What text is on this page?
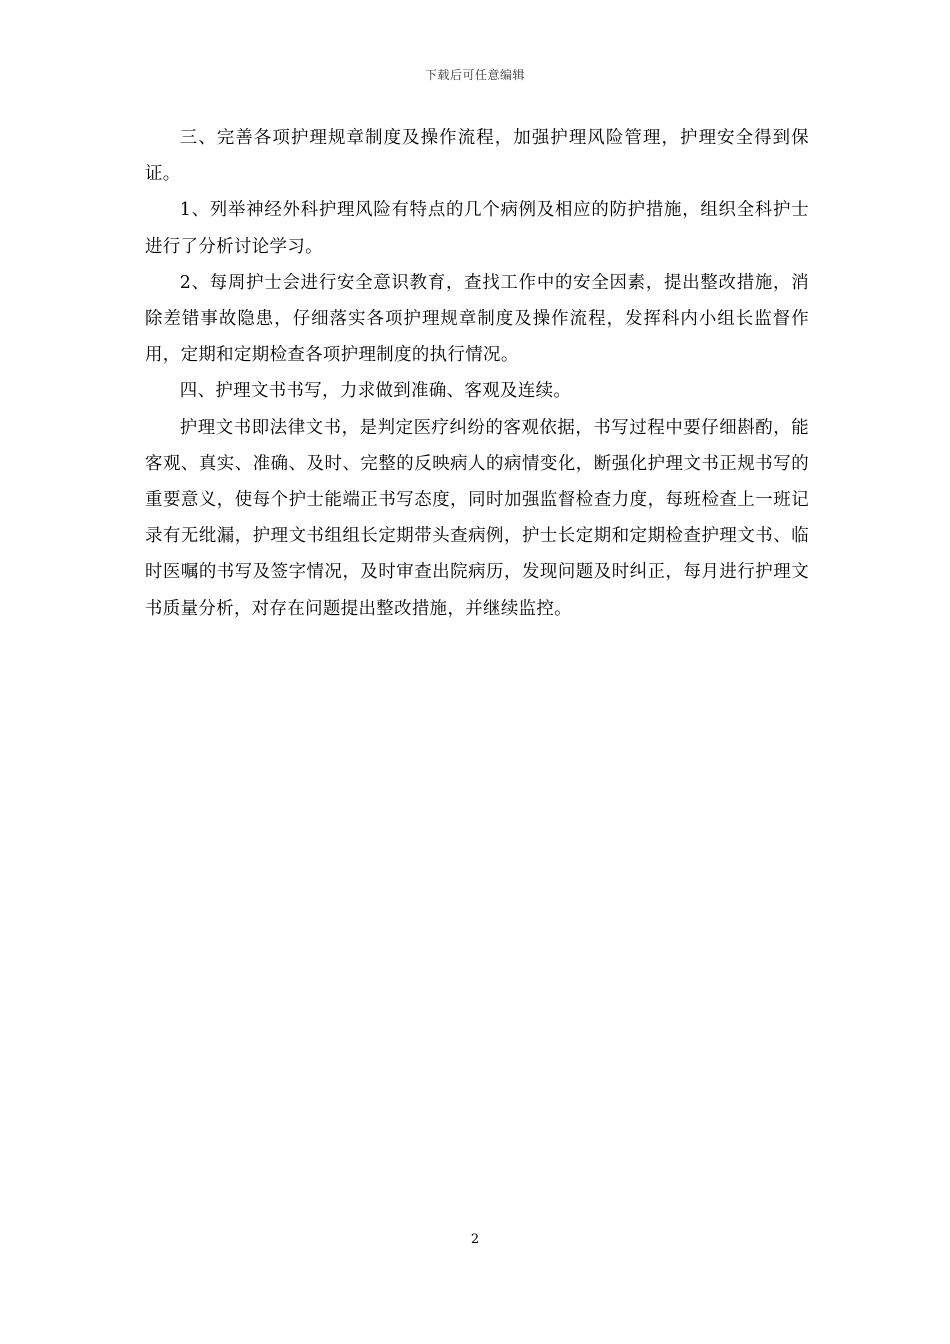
下载后可任意编辑

三、完善各项护理规章制度及操作流程，加强护理风险管理，护理安全得到保证。

1、列举神经外科护理风险有特点的几个病例及相应的防护措施，组织全科护士进行了分析讨论学习。

2、每周护士会进行安全意识教育，查找工作中的安全因素，提出整改措施，消除差错事故隐患，仔细落实各项护理规章制度及操作流程，发挥科内小组长监督作用，定期和定期检查各项护理制度的执行情况。

四、护理文书书写，力求做到准确、客观及连续。

护理文书即法律文书，是判定医疗纠纷的客观依据，书写过程中要仔细斟酌，能客观、真实、准确、及时、完整的反映病人的病情变化，断强化护理文书正规书写的重要意义，使每个护士能端正书写态度，同时加强监督检查力度，每班检查上一班记录有无纰漏，护理文书组组长定期带头查病例，护士长定期和定期检查护理文书、临时医嘱的书写及签字情况，及时审查出院病历，发现问题及时纠正，每月进行护理文书质量分析，对存在问题提出整改措施，并继续监控。

2
